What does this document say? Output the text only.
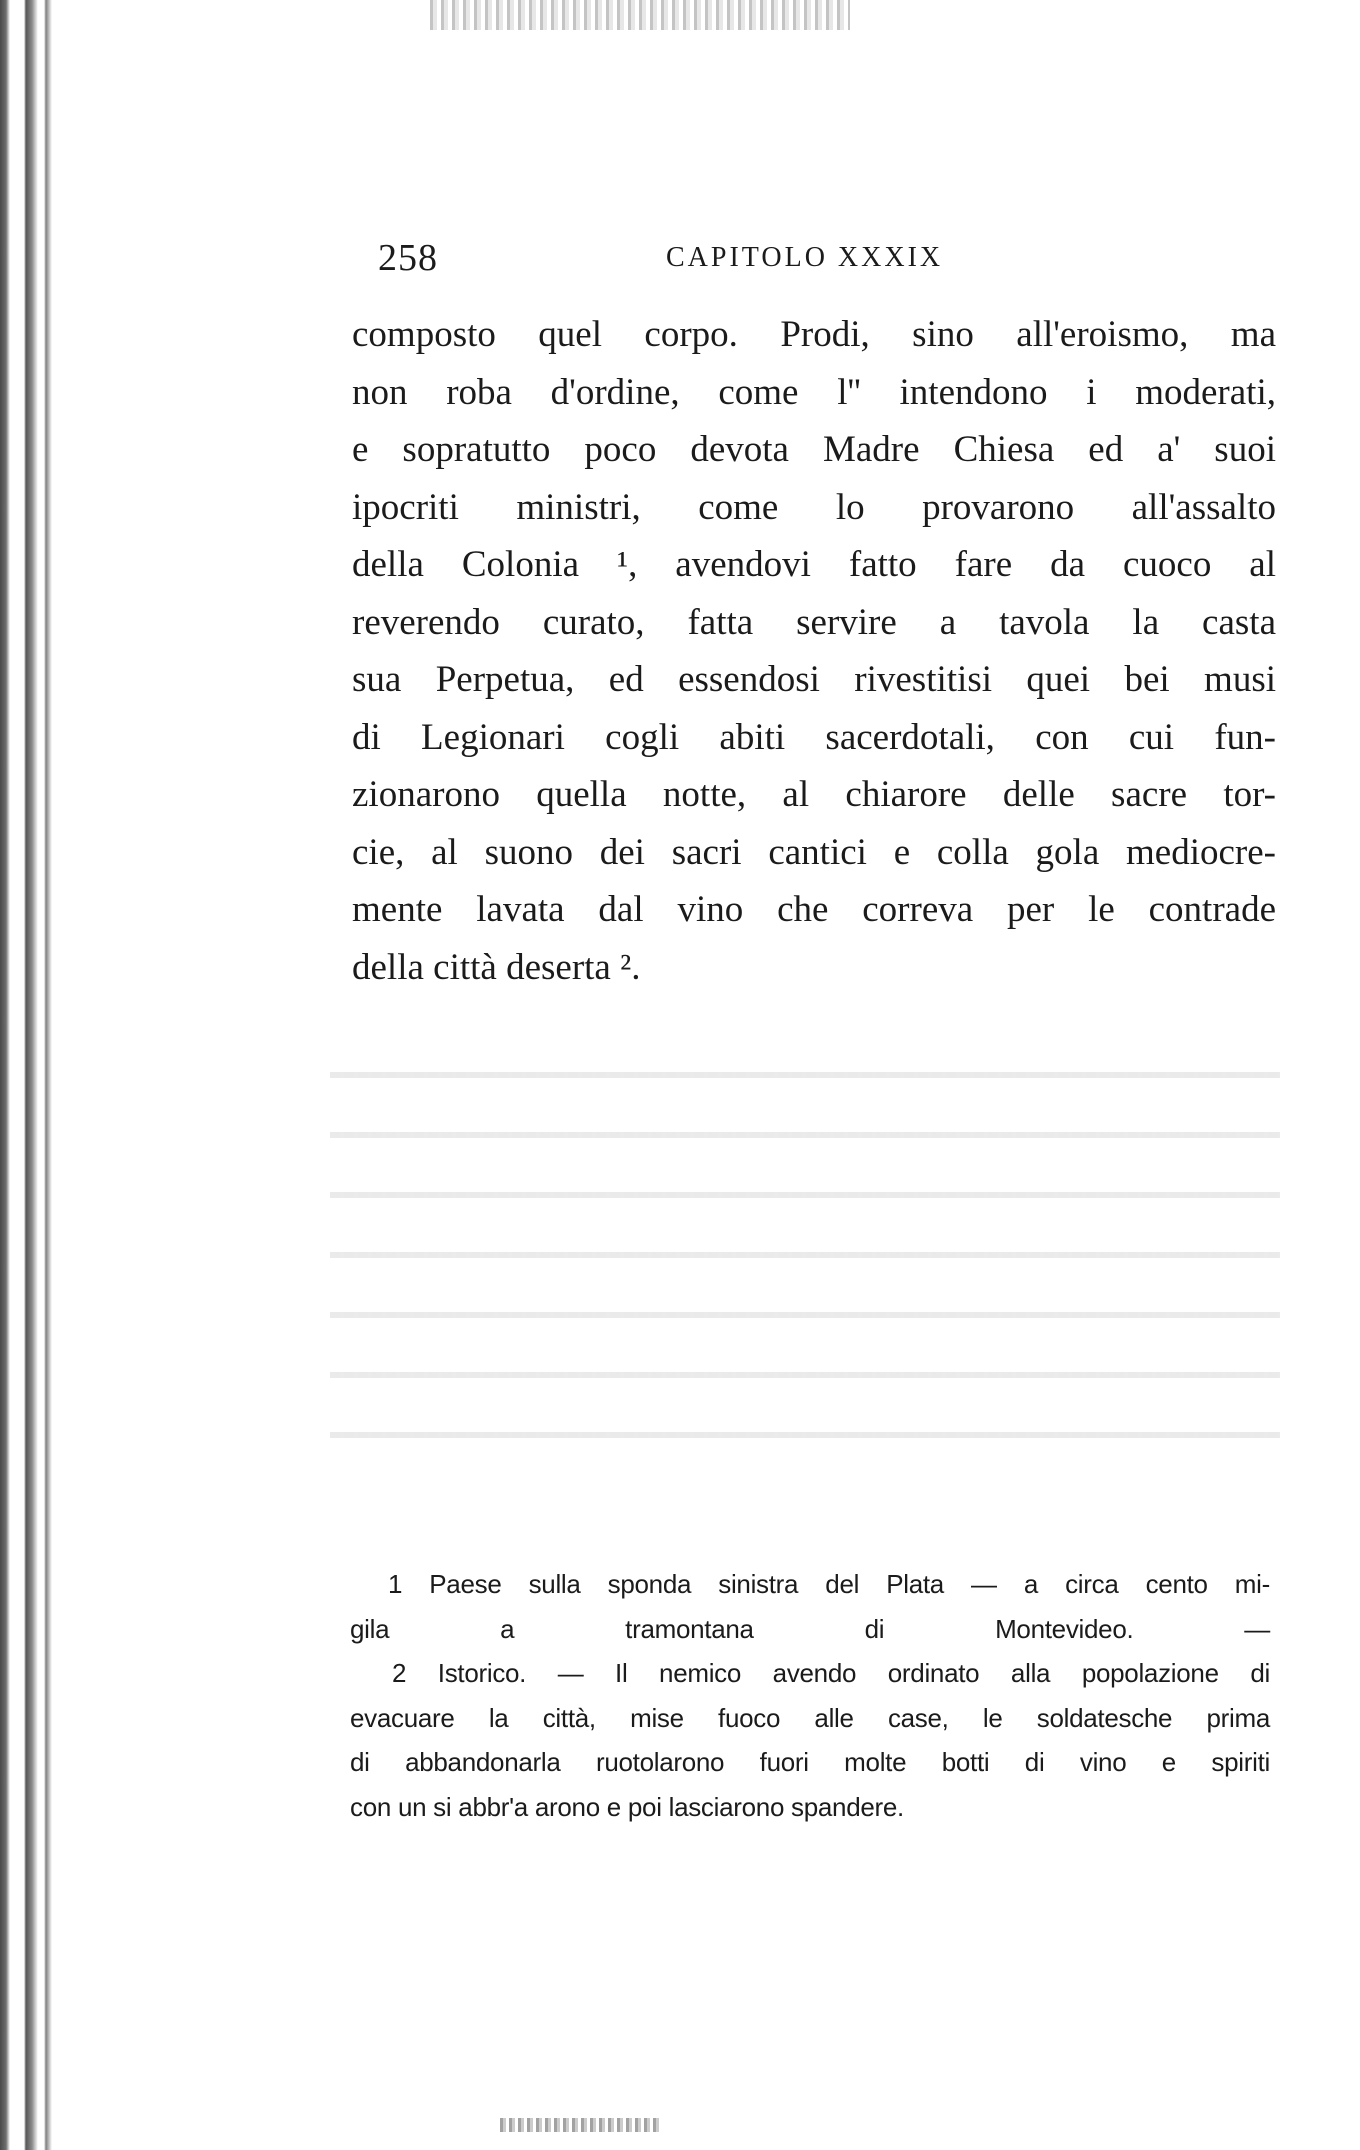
258	CAPITOLO XXXIX
composto quel corpo. Prodi, sino all'eroismo, ma
non roba d'ordine, come l'' intendono i moderati,
e sopratutto poco devota Madre Chiesa ed a' suoi
ipocriti ministri, come lo provarono all'assalto
della Colonia ¹, avendovi fatto fare da cuoco al
reverendo curato, fatta servire a tavola la casta
sua Perpetua, ed essendosi rivestitisi quei bei musi
di Legionari cogli abiti sacerdotali, con cui fun-
zionarono quella notte, al chiarore delle sacre tor-
cie, al suono dei sacri cantici e colla gola mediocre-
mente lavata dal vino che correva per le contrade
della città deserta ².
1 Paese sulla sponda sinistra del Plata — a circa cento mi-
gila a tramontana di Montevideo. —
2 Istorico. — Il nemico avendo ordinato alla popolazione di
evacuare la città, mise fuoco alle case, le soldatesche prima
di abbandonarla ruotolarono fuori molte botti di vino e spiriti
con un si abbr'a arono e poi lasciarono spandere.
